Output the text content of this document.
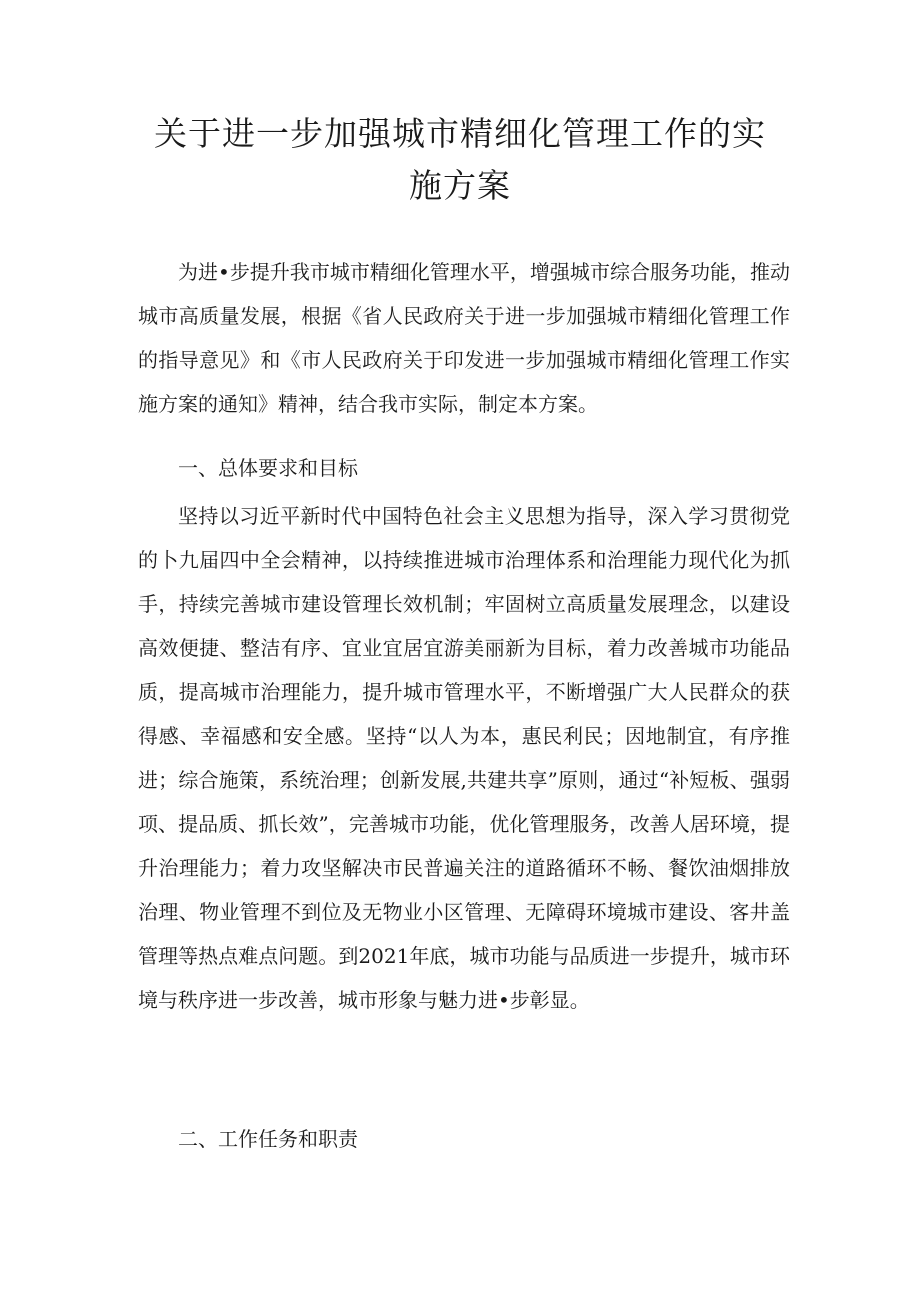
关于进一步加强城市精细化管理工作的实
施方案

为进•步提升我市城市精细化管理水平，增强城市综合服务功能，推动城市高质量发展，根据《省人民政府关于进一步加强城市精细化管理工作的指导意见》和《市人民政府关于印发进一步加强城市精细化管理工作实施方案的通知》精神，结合我市实际，制定本方案。

一、总体要求和目标

坚持以习近平新时代中国特色社会主义思想为指导，深入学习贯彻党的卜九届四中全会精神，以持续推进城市治理体系和治理能力现代化为抓手，持续完善城市建设管理长效机制；牢固树立高质量发展理念，以建设高效便捷、整洁有序、宜业宜居宜游美丽新为目标，着力改善城市功能品质，提高城市治理能力，提升城市管理水平，不断增强广大人民群众的获得感、幸福感和安全感。坚持“以人为本，惠民利民；因地制宜，有序推进；综合施策，系统治理；创新发展,共建共享”原则，通过“补短板、强弱项、提品质、抓长效”，完善城市功能，优化管理服务，改善人居环境，提升治理能力；着力攻坚解决市民普遍关注的道路循环不畅、餐饮油烟排放治理、物业管理不到位及无物业小区管理、无障碍环境城市建设、客井盖管理等热点难点问题。到2021年底，城市功能与品质进一步提升，城市环境与秩序进一步改善，城市形象与魅力进•步彰显。

二、工作任务和职责
